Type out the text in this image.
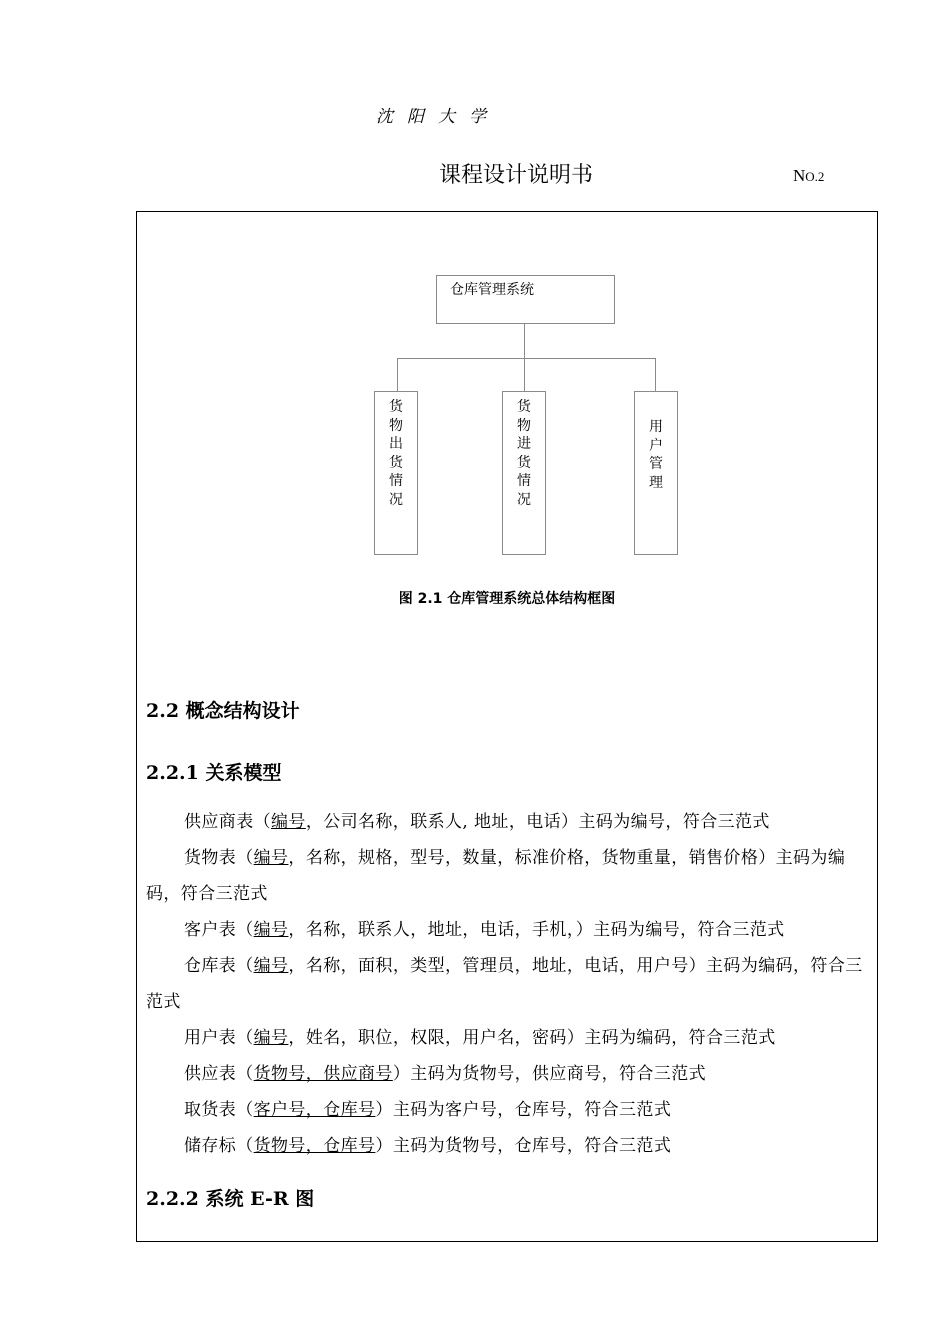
沈阳大学
课程设计说明书	NO.2
仓库管理系统
货物出货情况
货物进货情况
用户管理
图 2.1 仓库管理系统总体结构框图
2.2 概念结构设计
2.2.1 关系模型

供应商表（编号，公司名称，联系人, 地址，电话）主码为编号，符合三范式

货物表（编号，名称，规格，型号，数量，标准价格，货物重量，销售价格）主码为编码，符合三范式

客户表（编号，名称，联系人，地址，电话，手机，）主码为编号，符合三范式

仓库表（编号，名称，面积，类型，管理员，地址，电话，用户号）主码为编码，符合三范式

用户表（编号，姓名，职位，权限，用户名，密码）主码为编码，符合三范式

供应表（货物号，供应商号）主码为货物号，供应商号，符合三范式

取货表（客户号，仓库号）主码为客户号，仓库号，符合三范式

储存标（货物号，仓库号）主码为货物号，仓库号，符合三范式

2.2.2 系统 E-R 图
